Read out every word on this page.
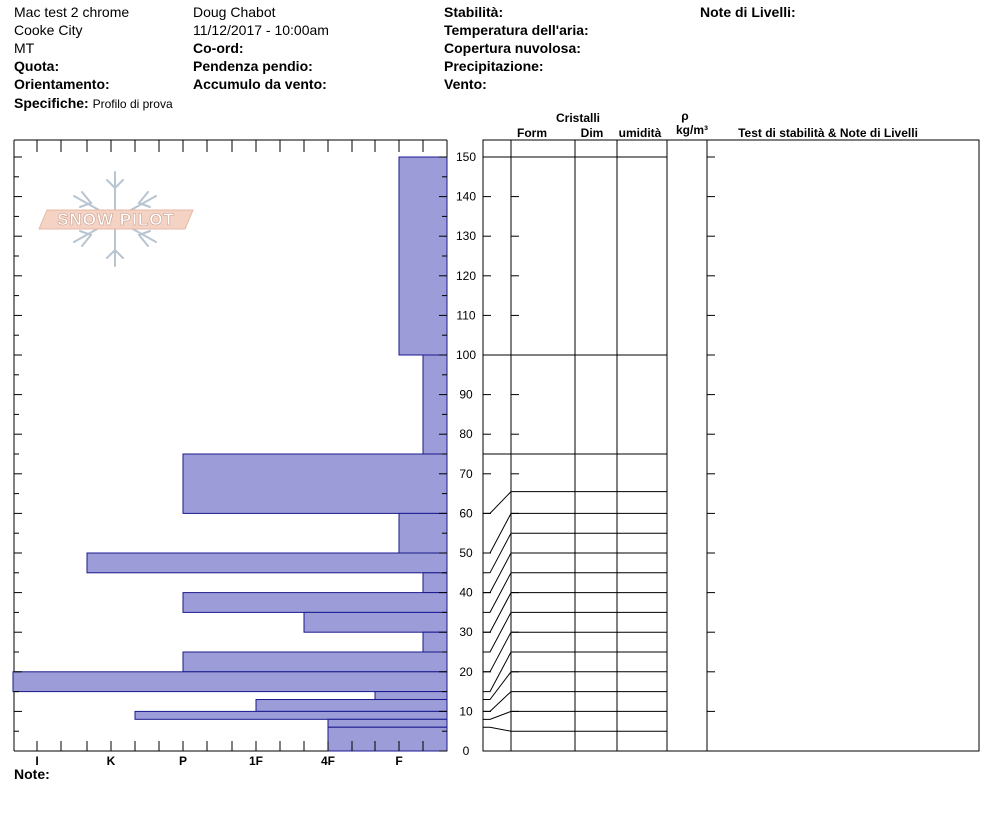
Mac test 2 chrome
Cooke City
MT
Quota:
Orientamento:
Specifiche: Profilo di prova
Doug Chabot
11/12/2017 - 10:00am
Co-ord:
Pendenza pendio:
Accumulo da vento:
Stabilità:
Temperatura dell'aria:
Copertura nuvolosa:
Precipitazione:
Vento:
Note di Livelli:
Note:
SNOW PILOT
0
10
20
30
40
50
60
70
80
90
100
110
120
130
140
150
I	K	P	1F	4F	F
Cristalli
Form	Dim umidità
ρ
kg/m³	Test di stabilità & Note di Livelli
